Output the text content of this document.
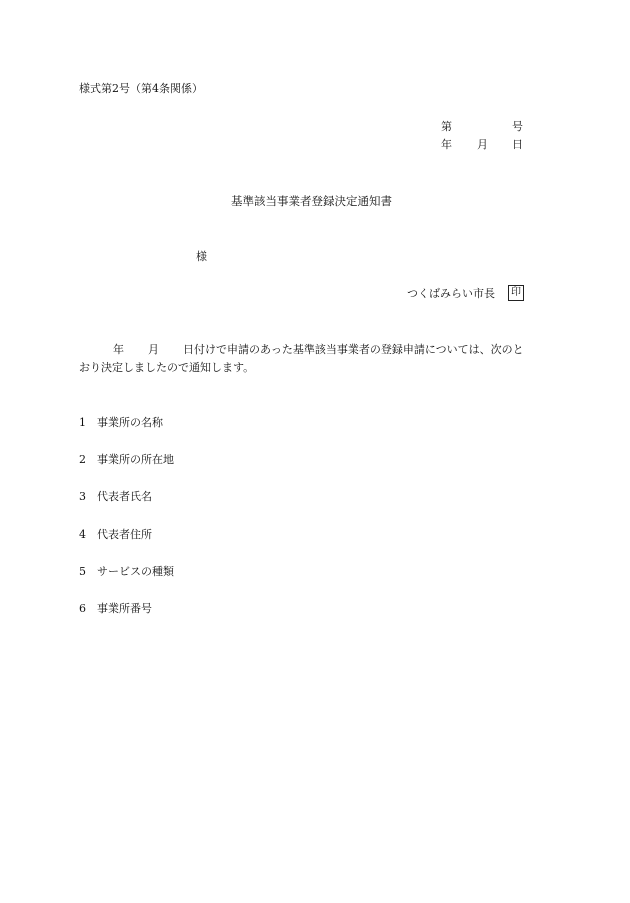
様式第2号（第4条関係）
第	号
年 月 日
基準該当事業者登録決定通知書
様
つくばみらい市長	印
年 月 日付けで申請のあった基準該当事業者の登録申請については、次のと
おり決定しましたので通知します。
1 事業所の名称
2 事業所の所在地
3 代表者氏名
4 代表者住所
5 サービスの種類
6 事業所番号
